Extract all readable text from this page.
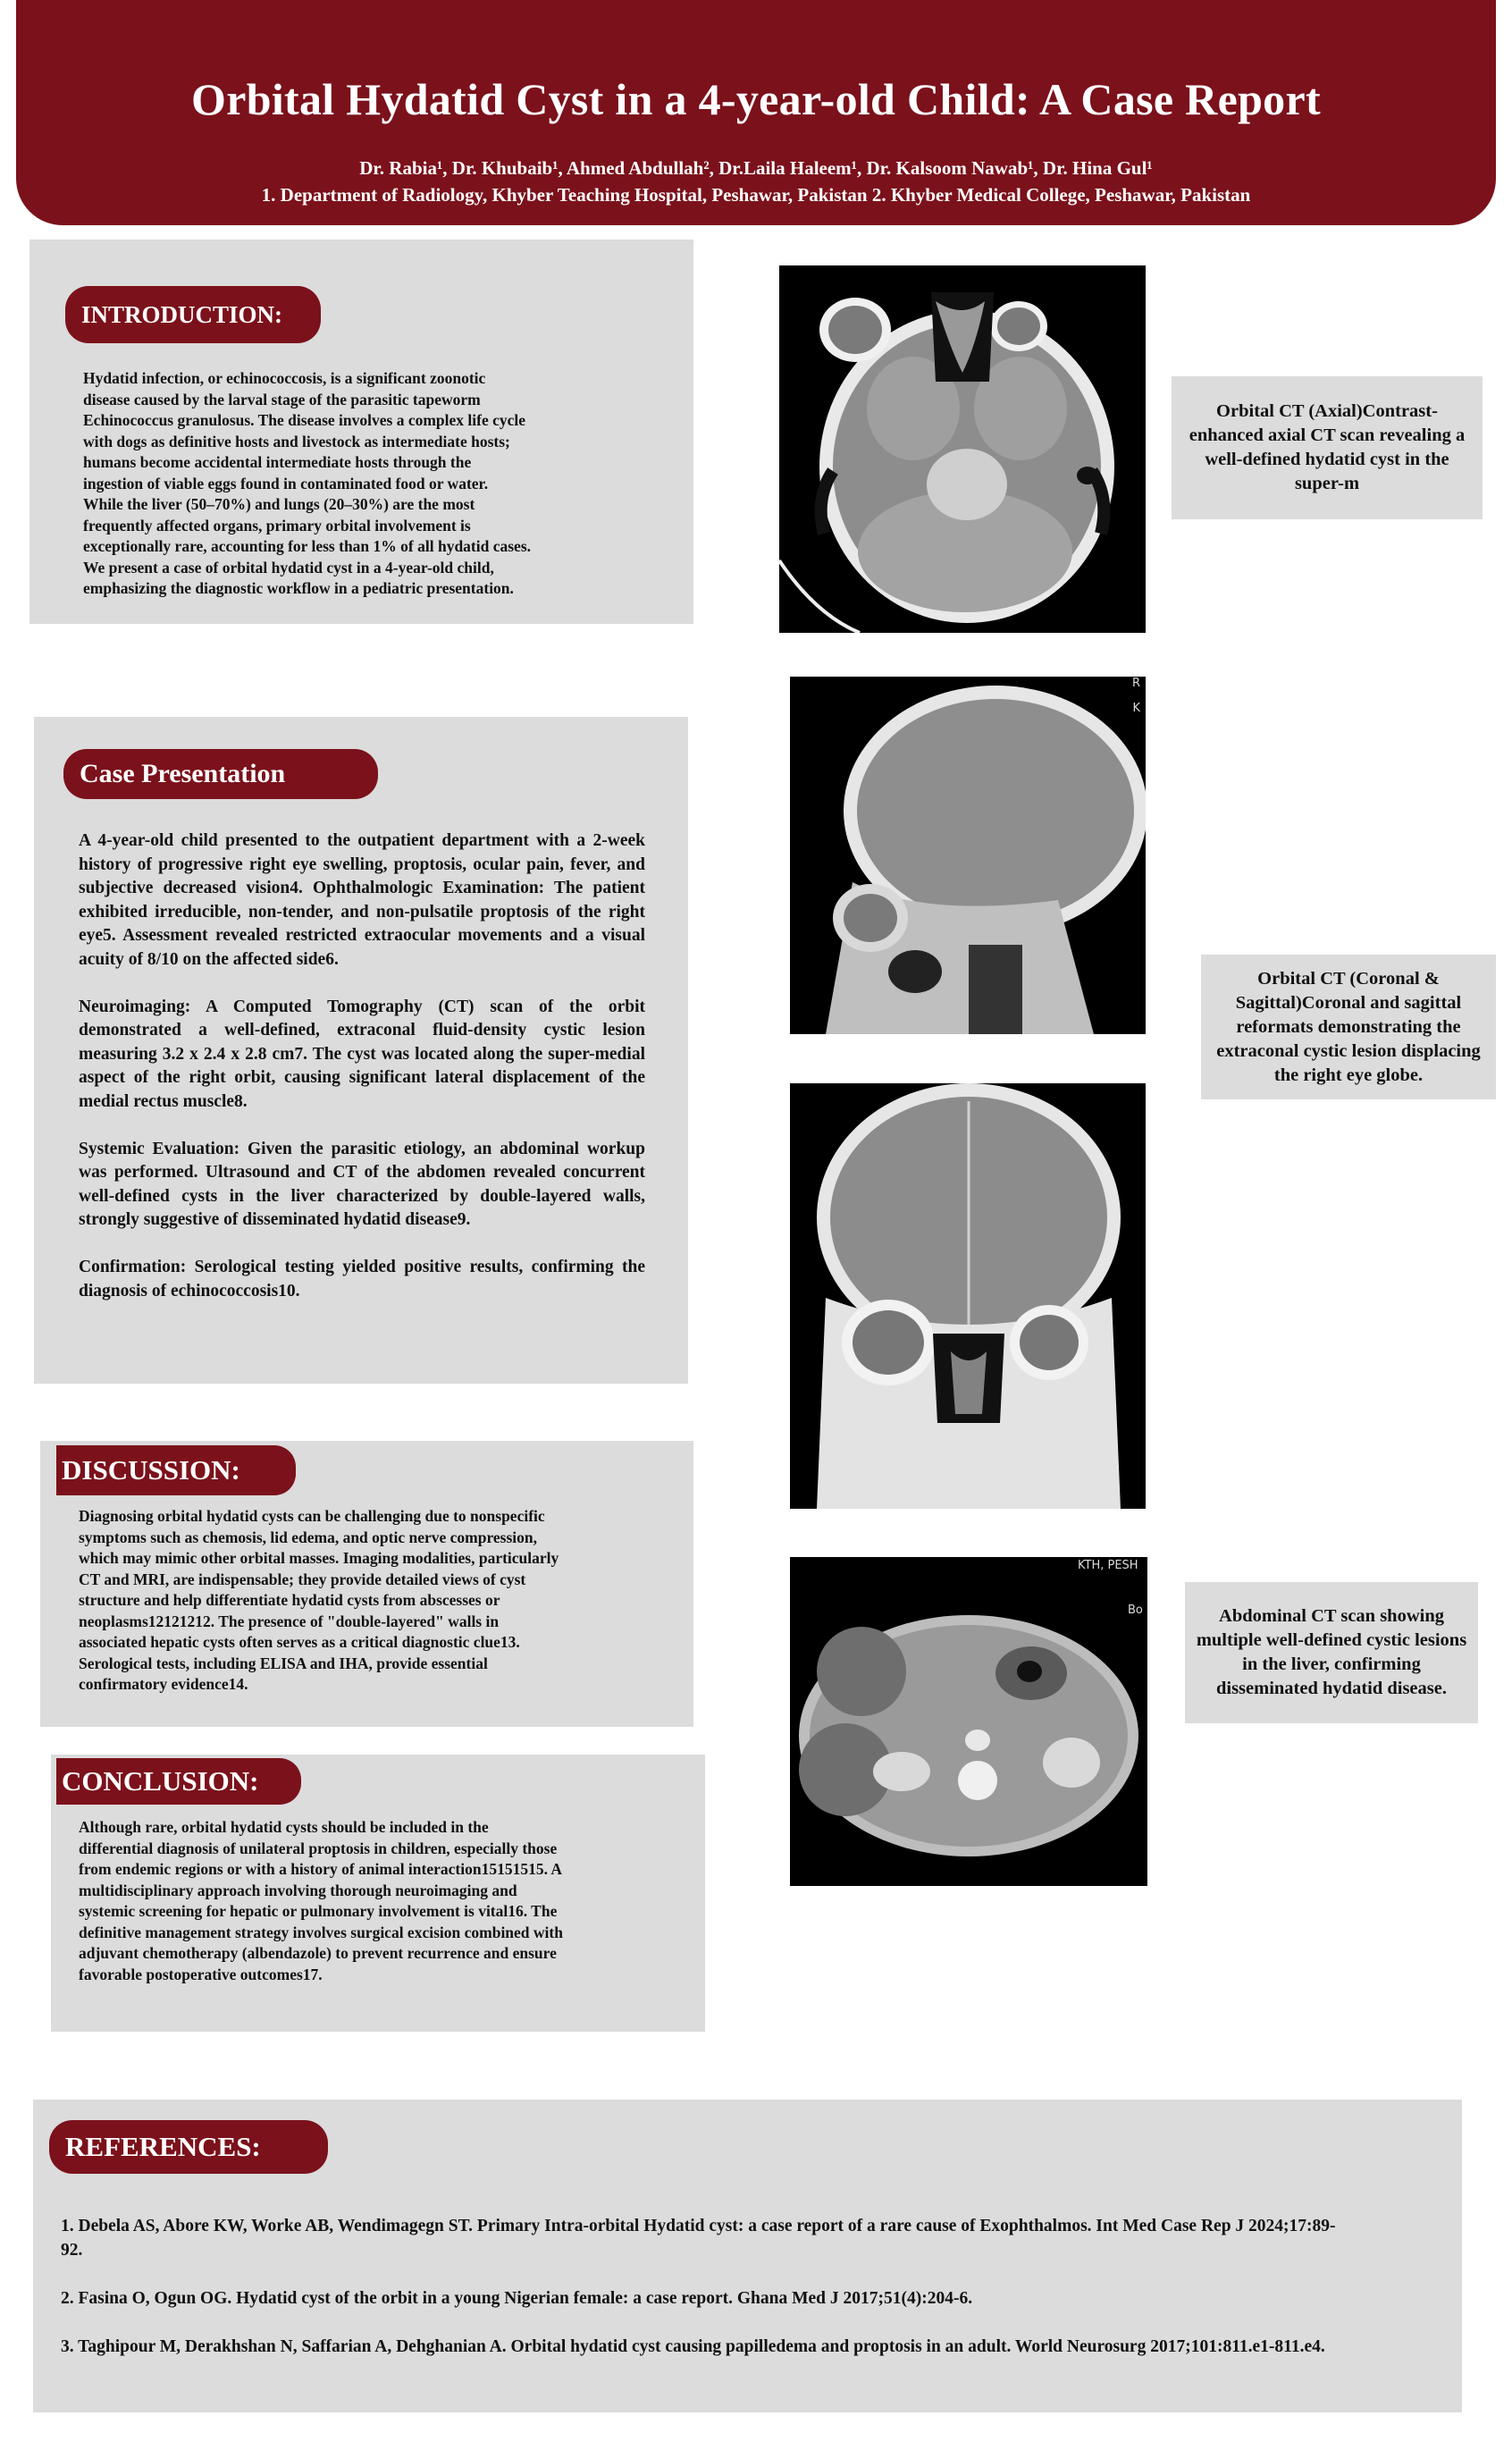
Orbital Hydatid Cyst in a 4-year-old Child: A Case Report
Dr. Rabia¹, Dr. Khubaib¹, Ahmed Abdullah², Dr.Laila Haleem¹, Dr. Kalsoom Nawab¹, Dr. Hina Gul¹
1. Department of Radiology, Khyber Teaching Hospital, Peshawar, Pakistan 2. Khyber Medical College, Peshawar, Pakistan
INTRODUCTION:
Hydatid infection, or echinococcosis, is a significant zoonotic
disease caused by the larval stage of the parasitic tapeworm
Echinococcus granulosus. The disease involves a complex life cycle
with dogs as definitive hosts and livestock as intermediate hosts;
humans become accidental intermediate hosts through the
ingestion of viable eggs found in contaminated food or water.
While the liver (50–70%) and lungs (20–30%) are the most
frequently affected organs, primary orbital involvement is
exceptionally rare, accounting for less than 1% of all hydatid cases.
We present a case of orbital hydatid cyst in a 4-year-old child,
emphasizing the diagnostic workflow in a pediatric presentation.
Case Presentation

A 4-year-old child presented to the outpatient department with a 2-week history of progressive right eye swelling, proptosis, ocular pain, fever, and subjective decreased vision4. Ophthalmologic Examination: The patient exhibited irreducible, non-tender, and non-pulsatile proptosis of the right eye5. Assessment revealed restricted extraocular movements and a visual acuity of 8/10 on the affected side6.

Neuroimaging: A Computed Tomography (CT) scan of the orbit demonstrated a well-defined, extraconal fluid-density cystic lesion measuring 3.2 x 2.4 x 2.8 cm7. The cyst was located along the super-medial aspect of the right orbit, causing significant lateral displacement of the medial rectus muscle8.

Systemic Evaluation: Given the parasitic etiology, an abdominal workup was performed. Ultrasound and CT of the abdomen revealed concurrent well-defined cysts in the liver characterized by double-layered walls, strongly suggestive of disseminated hydatid disease9.

Confirmation: Serological testing yielded positive results, confirming the diagnosis of echinococcosis10.

DISCUSSION:
Diagnosing orbital hydatid cysts can be challenging due to nonspecific
symptoms such as chemosis, lid edema, and optic nerve compression,
which may mimic other orbital masses. Imaging modalities, particularly
CT and MRI, are indispensable; they provide detailed views of cyst
structure and help differentiate hydatid cysts from abscesses or
neoplasms12121212. The presence of "double-layered" walls in
associated hepatic cysts often serves as a critical diagnostic clue13.
Serological tests, including ELISA and IHA, provide essential
confirmatory evidence14.
CONCLUSION:
Although rare, orbital hydatid cysts should be included in the
differential diagnosis of unilateral proptosis in children, especially those
from endemic regions or with a history of animal interaction15151515. A
multidisciplinary approach involving thorough neuroimaging and
systemic screening for hepatic or pulmonary involvement is vital16. The
definitive management strategy involves surgical excision combined with
adjuvant chemotherapy (albendazole) to prevent recurrence and ensure
favorable postoperative outcomes17.
Orbital CT (Axial)Contrast-enhanced axial CT scan revealing a well-defined hydatid cyst in the super-m
R
K
Orbital CT (Coronal & Sagittal)Coronal and sagittal reformats demonstrating the extraconal cystic lesion displacing the right eye globe.
KTH, PESH
Bo	Abdominal CT scan showing multiple well-defined cystic lesions in the liver, confirming disseminated hydatid disease.
REFERENCES:
1. Debela AS, Abore KW, Worke AB, Wendimagegn ST. Primary Intra-orbital Hydatid cyst: a case report of a rare cause of Exophthalmos. Int Med Case Rep J 2024;17:89-92.
2. Fasina O, Ogun OG. Hydatid cyst of the orbit in a young Nigerian female: a case report. Ghana Med J 2017;51(4):204-6.
3. Taghipour M, Derakhshan N, Saffarian A, Dehghanian A. Orbital hydatid cyst causing papilledema and proptosis in an adult. World Neurosurg 2017;101:811.e1-811.e4.
